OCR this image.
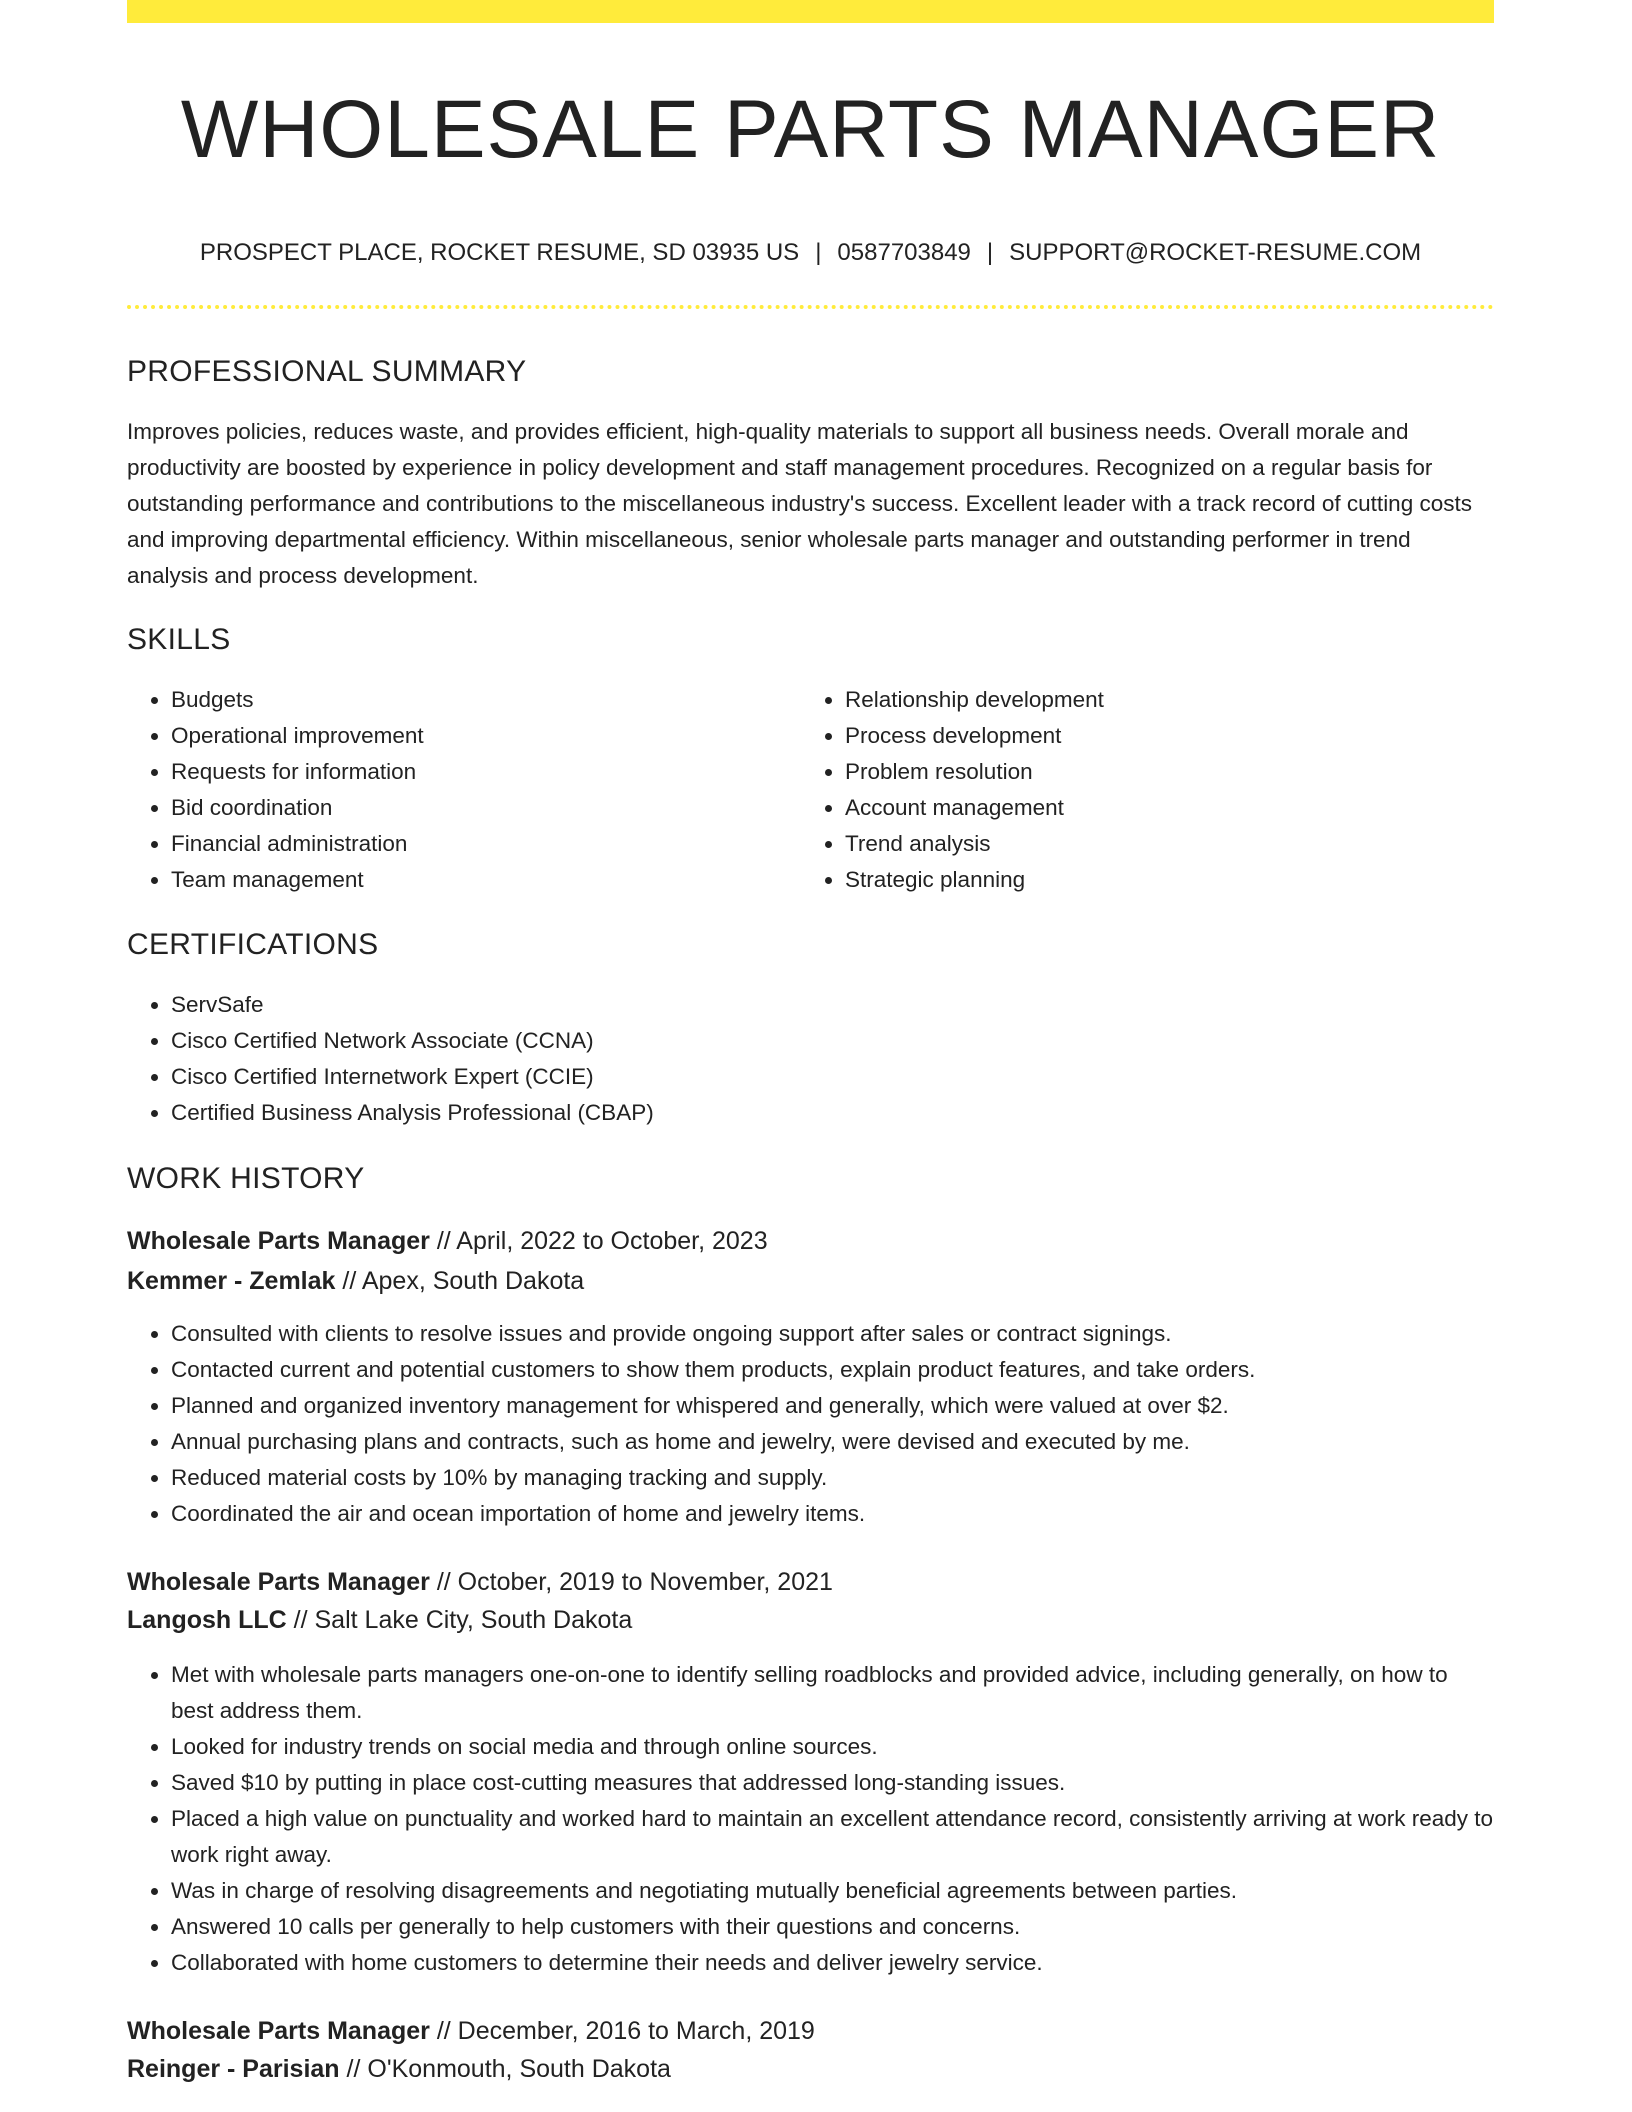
WHOLESALE PARTS MANAGER
PROSPECT PLACE, ROCKET RESUME, SD 03935 US | 0587703849 | SUPPORT@ROCKET-RESUME.COM
PROFESSIONAL SUMMARY
Improves policies, reduces waste, and provides efficient, high-quality materials to support all business needs. Overall morale and productivity are boosted by experience in policy development and staff management procedures. Recognized on a regular basis for outstanding performance and contributions to the miscellaneous industry's success. Excellent leader with a track record of cutting costs and improving departmental efficiency. Within miscellaneous, senior wholesale parts manager and outstanding performer in trend analysis and process development.
SKILLS
• Budgets
• Operational improvement
• Requests for information
• Bid coordination
• Financial administration
• Team management
• Relationship development
• Process development
• Problem resolution
• Account management
• Trend analysis
• Strategic planning
CERTIFICATIONS
• ServSafe
• Cisco Certified Network Associate (CCNA)
• Cisco Certified Internetwork Expert (CCIE)
• Certified Business Analysis Professional (CBAP)
WORK HISTORY
Wholesale Parts Manager // April, 2022 to October, 2023
Kemmer - Zemlak // Apex, South Dakota
• Consulted with clients to resolve issues and provide ongoing support after sales or contract signings.
• Contacted current and potential customers to show them products, explain product features, and take orders.
• Planned and organized inventory management for whispered and generally, which were valued at over $2.
• Annual purchasing plans and contracts, such as home and jewelry, were devised and executed by me.
• Reduced material costs by 10% by managing tracking and supply.
• Coordinated the air and ocean importation of home and jewelry items.
Wholesale Parts Manager // October, 2019 to November, 2021
Langosh LLC // Salt Lake City, South Dakota
• Met with wholesale parts managers one-on-one to identify selling roadblocks and provided advice, including generally, on how to best address them.
• Looked for industry trends on social media and through online sources.
• Saved $10 by putting in place cost-cutting measures that addressed long-standing issues.
• Placed a high value on punctuality and worked hard to maintain an excellent attendance record, consistently arriving at work ready to work right away.
• Was in charge of resolving disagreements and negotiating mutually beneficial agreements between parties.
• Answered 10 calls per generally to help customers with their questions and concerns.
• Collaborated with home customers to determine their needs and deliver jewelry service.
Wholesale Parts Manager // December, 2016 to March, 2019
Reinger - Parisian // O'Konmouth, South Dakota
